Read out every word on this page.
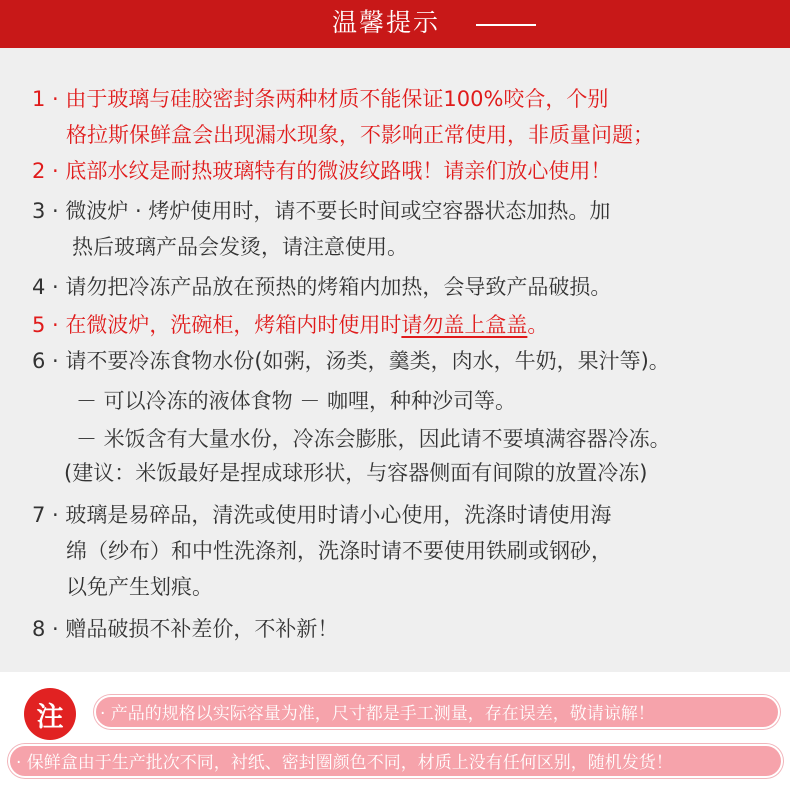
温馨提示
1 · 由于玻璃与硅胶密封条两种材质不能保证100%咬合，个别
格拉斯保鲜盒会出现漏水现象，不影响正常使用，非质量问题；
2 · 底部水纹是耐热玻璃特有的微波纹路哦！请亲们放心使用！
3 · 微波炉 · 烤炉使用时，请不要长时间或空容器状态加热。加
热后玻璃产品会发烫，请注意使用。
4 · 请勿把冷冻产品放在预热的烤箱内加热，会导致产品破损。
5 · 在微波炉，洗碗柜，烤箱内时使用时请勿盖上盒盖。
6 · 请不要冷冻食物水份(如粥，汤类，羹类，肉水，牛奶，果汁等)。
－ 可以冷冻的液体食物 － 咖哩，种种沙司等。
－ 米饭含有大量水份，冷冻会膨胀，因此请不要填满容器冷冻。
(建议：米饭最好是捏成球形状，与容器侧面有间隙的放置冷冻)
7 · 玻璃是易碎品，清洗或使用时请小心使用，洗涤时请使用海
绵（纱布）和中性洗涤剂，洗涤时请不要使用铁刷或钢砂，
以免产生划痕。
8 · 赠品破损不补差价，不补新！
注	· 产品的规格以实际容量为准，尺寸都是手工测量，存在误差，敬请谅解！
· 保鲜盒由于生产批次不同，衬纸、密封圈颜色不同，材质上没有任何区别，随机发货！
